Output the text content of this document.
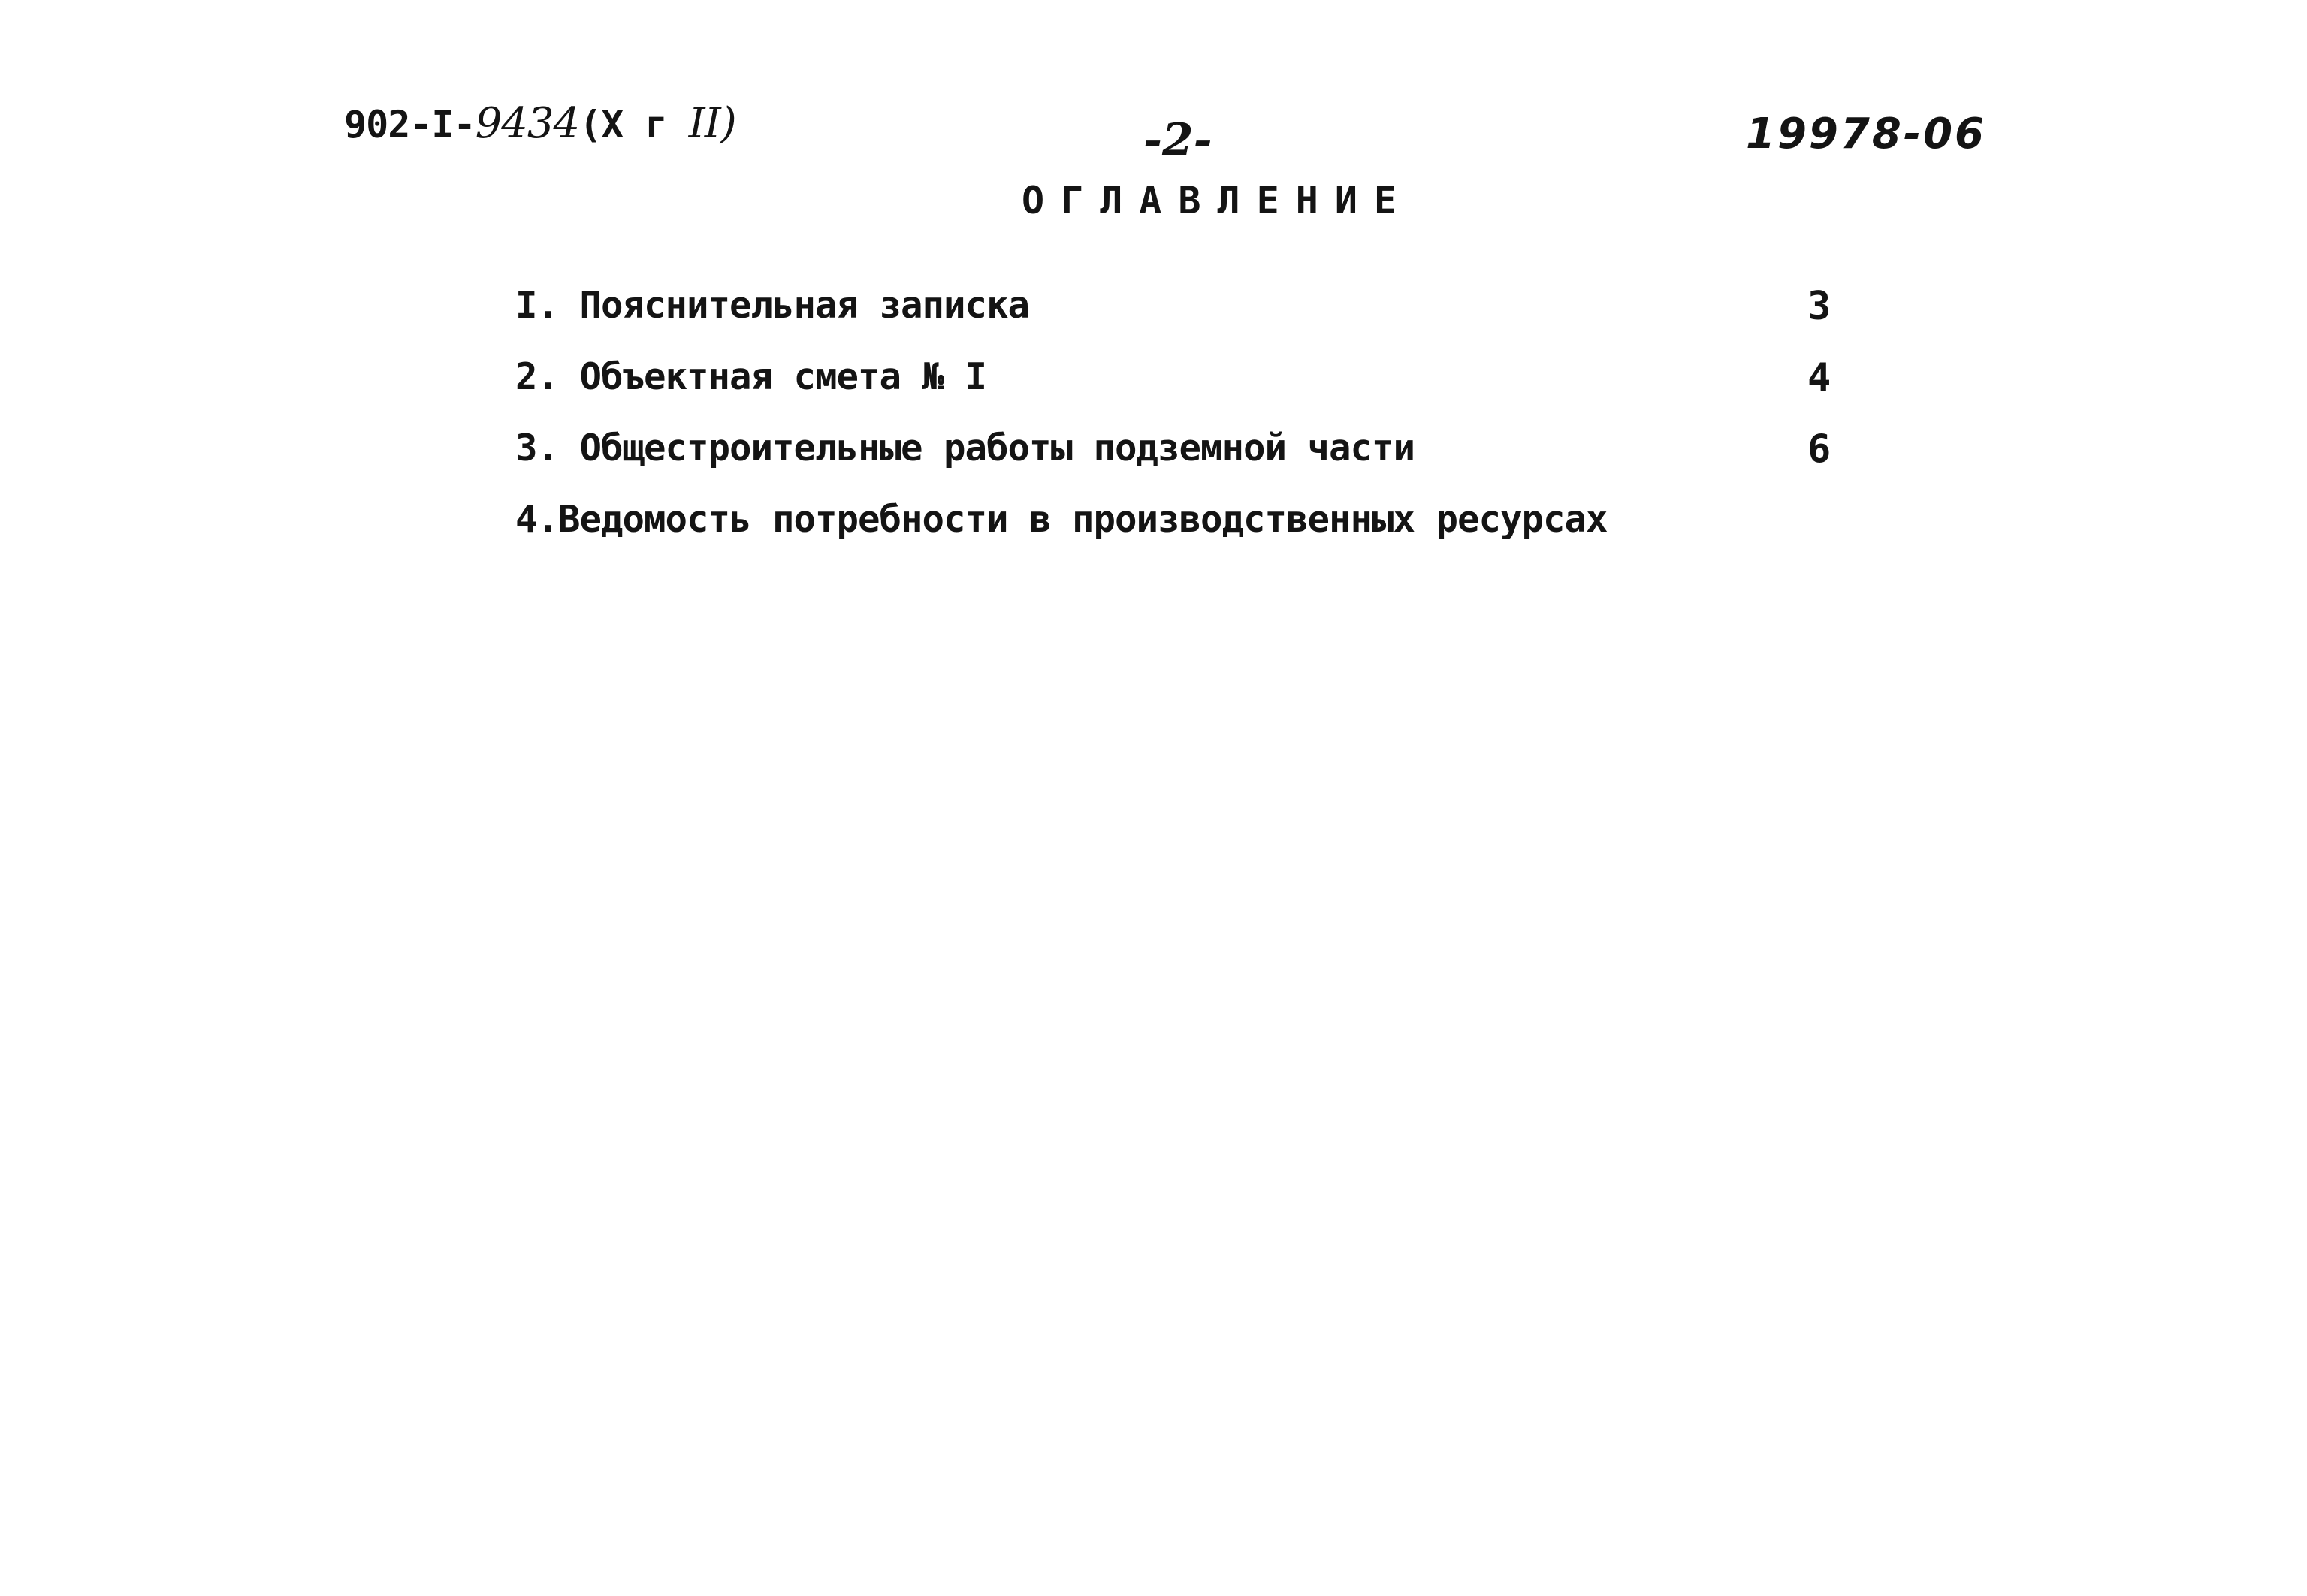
902-I-9434(Х г II)	-2-	19978-06
ОГЛАВЛЕНИЕ
I. Пояснительная записка	3
2. Объектная смета № I	4
3. Общестроительные работы подземной части	6
4.Ведомость потребности в производственных ресурсах
